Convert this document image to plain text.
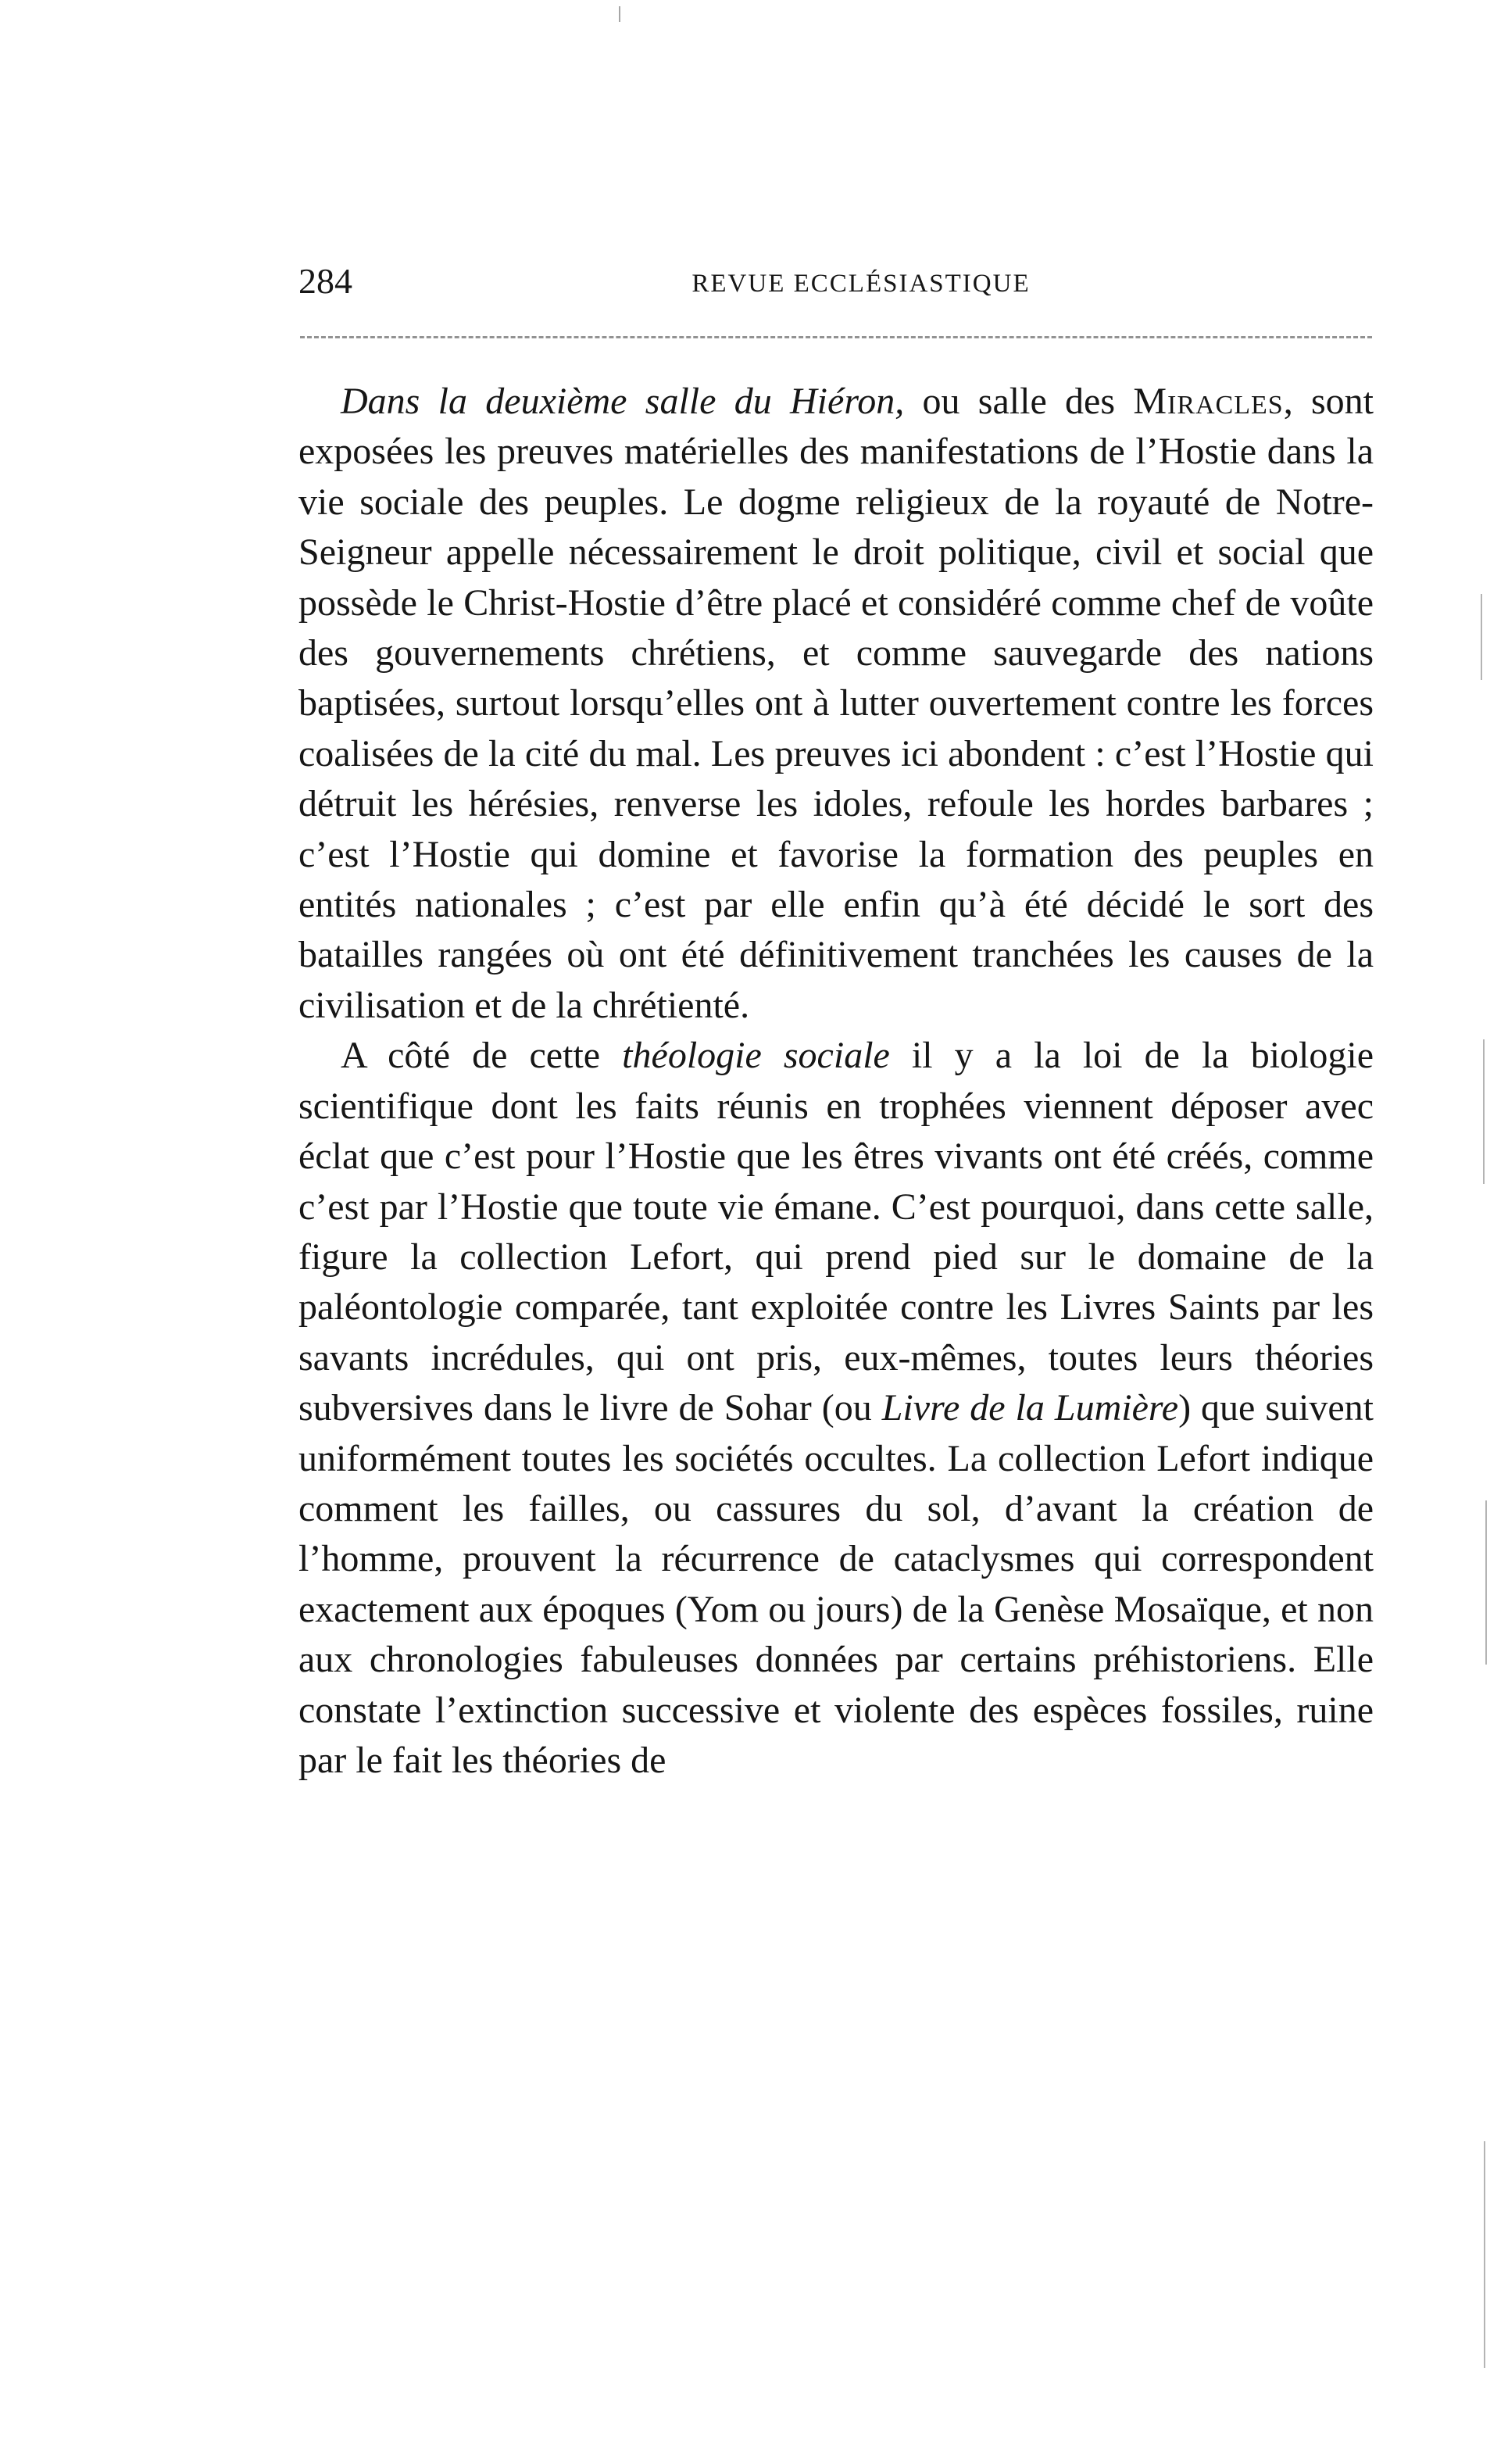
284	REVUE ECCLÉSIASTIQUE

Dans la deuxième salle du Hiéron, ou salle des Miracles, sont exposées les preuves matérielles des manifestations de l’Hostie dans la vie sociale des peuples. Le dogme religieux de la royauté de Notre-Seigneur appelle nécessairement le droit politique, civil et social que possède le Christ-Hostie d’être placé et considéré comme chef de voûte des gouvernements chrétiens, et comme sauvegarde des nations baptisées, surtout lorsqu’elles ont à lutter ouvertement contre les forces coalisées de la cité du mal. Les preuves ici abondent : c’est l’Hostie qui détruit les hérésies, renverse les idoles, refoule les hordes barbares ; c’est l’Hostie qui domine et favorise la formation des peuples en entités nationales ; c’est par elle enfin qu’à été décidé le sort des batailles rangées où ont été définitivement tranchées les causes de la civilisation et de la chrétienté.

A côté de cette théologie sociale il y a la loi de la biologie scientifique dont les faits réunis en trophées viennent déposer avec éclat que c’est pour l’Hostie que les êtres vivants ont été créés, comme c’est par l’Hostie que toute vie émane. C’est pourquoi, dans cette salle, figure la collection Lefort, qui prend pied sur le domaine de la paléontologie comparée, tant exploitée contre les Livres Saints par les savants incrédules, qui ont pris, eux-mêmes, toutes leurs théories subversives dans le livre de Sohar (ou Livre de la Lumière) que suivent uniformément toutes les sociétés occultes. La collection Lefort indique comment les failles, ou cassures du sol, d’avant la création de l’homme, prouvent la récurrence de cataclysmes qui correspondent exactement aux époques (Yom ou jours) de la Genèse Mosaïque, et non aux chronologies fabuleuses données par certains préhistoriens. Elle constate l’extinction successive et violente des espèces fossiles, ruine par le fait les théories de
